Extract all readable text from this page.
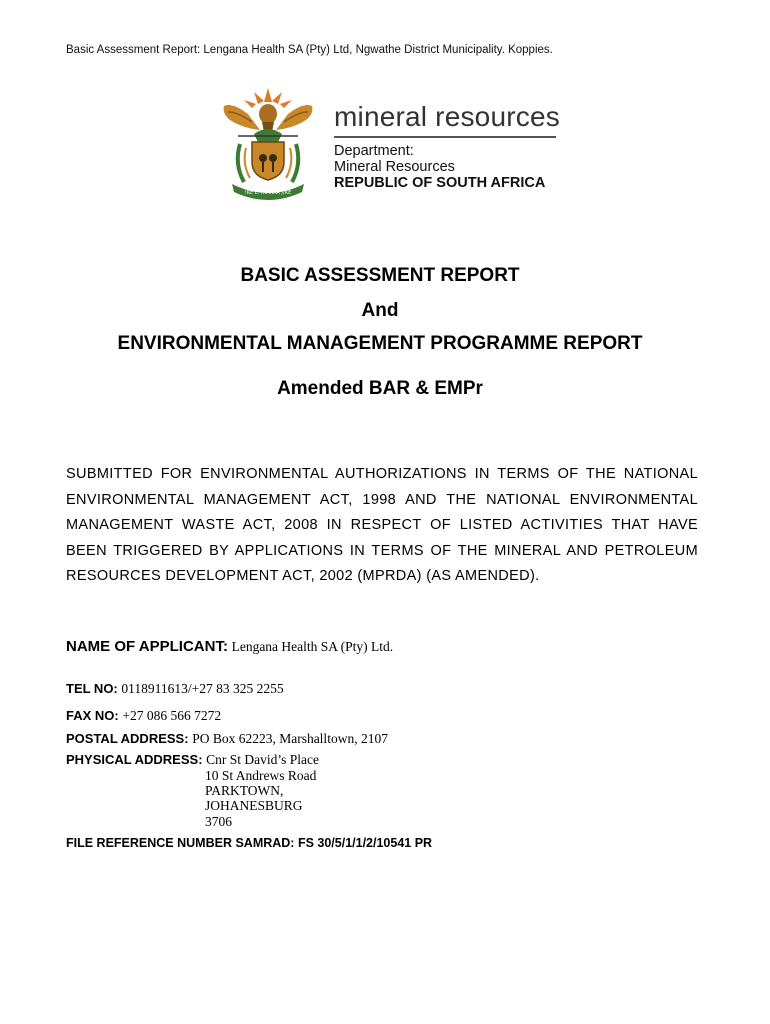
Basic Assessment Report: Lengana Health SA (Pty) Ltd, Ngwathe District Municipality. Koppies.
!KE E: /XARRA //KE
mineral resources
Department:
Mineral Resources
REPUBLIC OF SOUTH AFRICA
BASIC ASSESSMENT REPORT
And
ENVIRONMENTAL MANAGEMENT PROGRAMME REPORT
Amended BAR & EMPr
SUBMITTED FOR ENVIRONMENTAL AUTHORIZATIONS IN TERMS OF THE NATIONAL
ENVIRONMENTAL MANAGEMENT ACT, 1998 AND THE NATIONAL ENVIRONMENTAL
MANAGEMENT WASTE ACT, 2008 IN RESPECT OF LISTED ACTIVITIES THAT HAVE
BEEN TRIGGERED BY APPLICATIONS IN TERMS OF THE MINERAL AND PETROLEUM
RESOURCES DEVELOPMENT ACT, 2002 (MPRDA) (AS AMENDED).
NAME OF APPLICANT: Lengana Health SA (Pty) Ltd.
TEL NO: 0118911613/+27 83 325 2255
FAX NO: +27 086 566 7272
POSTAL ADDRESS: PO Box 62223, Marshalltown, 2107
PHYSICAL ADDRESS: Cnr St David’s Place
10 St Andrews Road
PARKTOWN,
JOHANESBURG
3706
FILE REFERENCE NUMBER SAMRAD: FS 30/5/1/1/2/10541 PR
